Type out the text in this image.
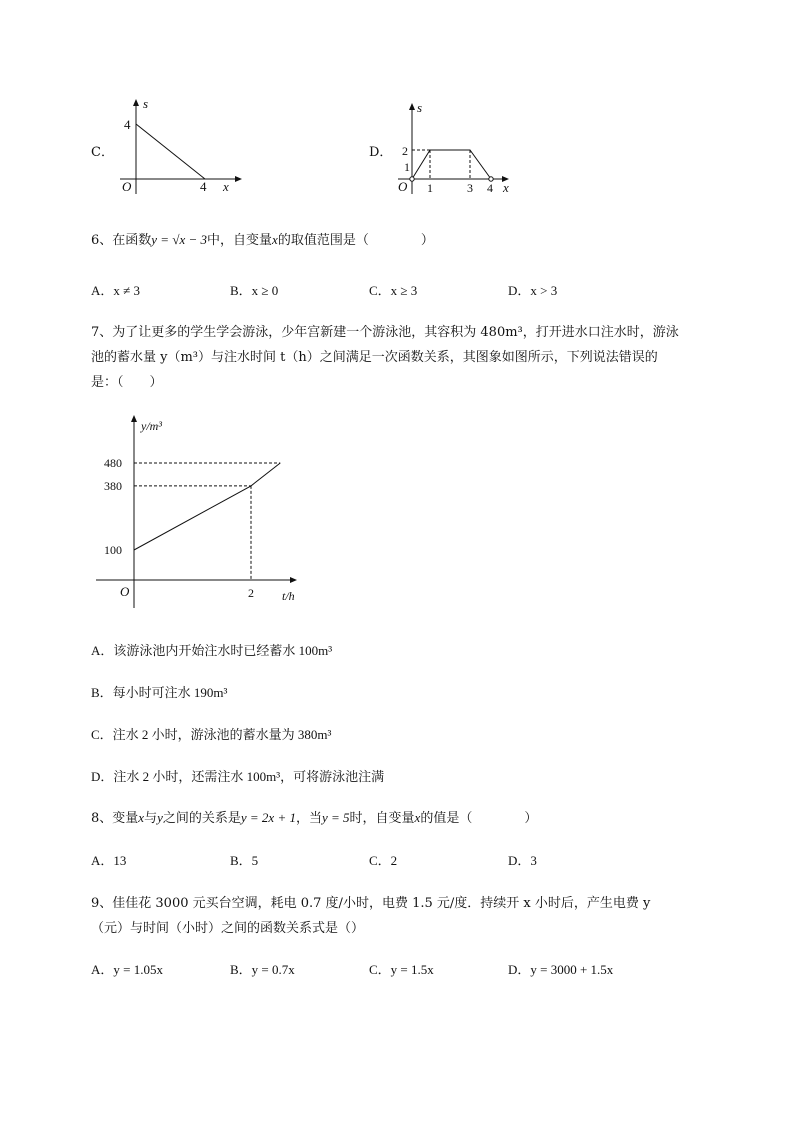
C．
s
4
O	4 x
D．
s
2
1
O 1	3 4 x
6、在函数y = √x − 3中，自变量x的取值范围是（　　　　）
A．x ≠ 3	B．x ≥ 0	C．x ≥ 3	D．x > 3
7、为了让更多的学生学会游泳，少年宫新建一个游泳池，其容积为 480m³，打开进水口注水时，游泳
池的蓄水量 y（m³）与注水时间 t（h）之间满足一次函数关系，其图象如图所示，下列说法错误的
是：（　　）
480
380
100
2
y/m³
O	t/h
A．该游泳池内开始注水时已经蓄水 100m³
B．每小时可注水 190m³
C．注水 2 小时，游泳池的蓄水量为 380m³
D．注水 2 小时，还需注水 100m³，可将游泳池注满
8、变量x与y之间的关系是y = 2x + 1，当y = 5时，自变量x的值是（　　　　）
A．13	B．5	C．2	D．3
9、佳佳花 3000 元买台空调，耗电 0.7 度/小时，电费 1.5 元/度．持续开 x 小时后，产生电费 y
（元）与时间（小时）之间的函数关系式是（）
A．y = 1.05x	B．y = 0.7x	C．y = 1.5x	D．y = 3000 + 1.5x
